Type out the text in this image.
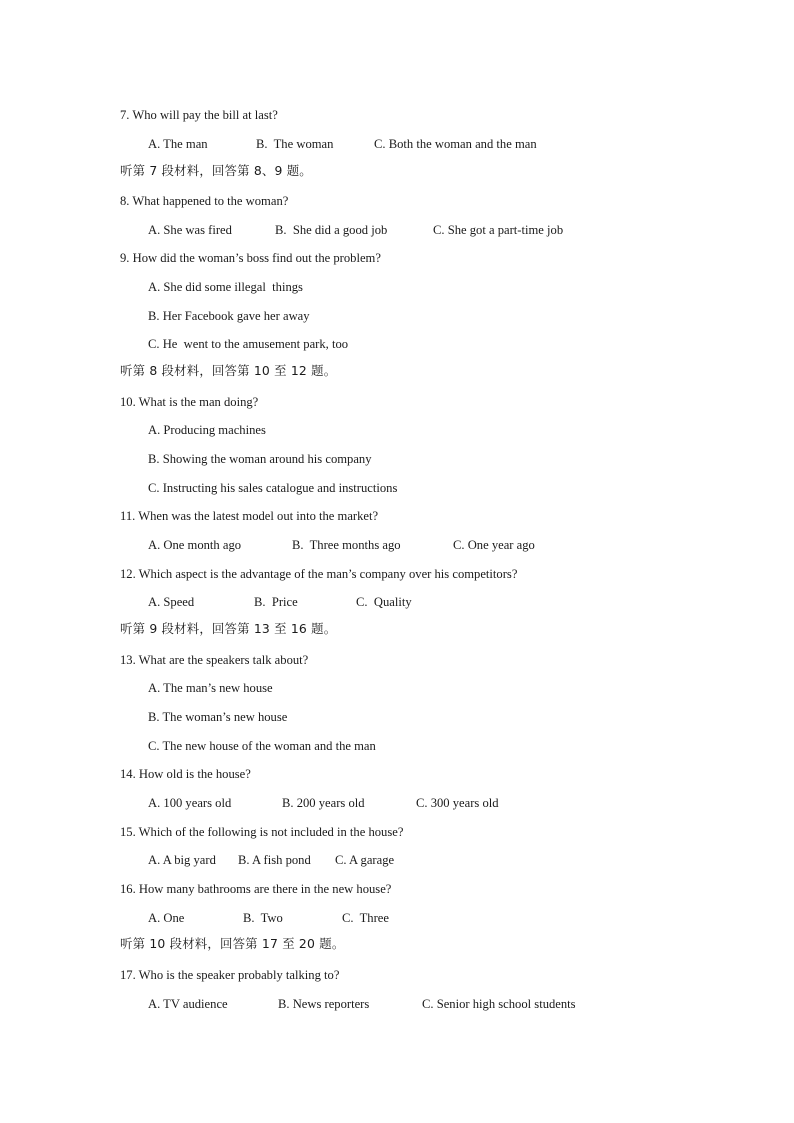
7. Who will pay the bill at last?

A. The man

	B.  The woman

	C. Both the woman and the man

听第 7 段材料，回答第 8、9 题。
8. What happened to the woman?

A. She was fired

	B.  She did a good job

	C. She got a part-time job

9. How did the woman’s boss find out the problem?
A. She did some illegal  things
B. Her Facebook gave her away
C. He  went to the amusement park, too
听第 8 段材料，回答第 10 至 12 题。
10. What is the man doing?
A. Producing machines
B. Showing the woman around his company
C. Instructing his sales catalogue and instructions
11. When was the latest model out into the market?

A. One month ago

	B.  Three months ago

	C. One year ago

12. Which aspect is the advantage of the man’s company over his competitors?

A. Speed

	B.  Price

	C.  Quality

听第 9 段材料，回答第 13 至 16 题。
13. What are the speakers talk about?
A. The man’s new house
B. The woman’s new house
C. The new house of the woman and the man
14. How old is the house?

A. 100 years old

	B. 200 years old

	C. 300 years old

15. Which of the following is not included in the house?

A. A big yard

B. A fish pond

C. A garage

16. How many bathrooms are there in the new house?

A. One

	B.  Two

	C.  Three

听第 10 段材料，回答第 17 至 20 题。
17. Who is the speaker probably talking to?

A. TV audience

	B. News reporters

	C. Senior high school students
